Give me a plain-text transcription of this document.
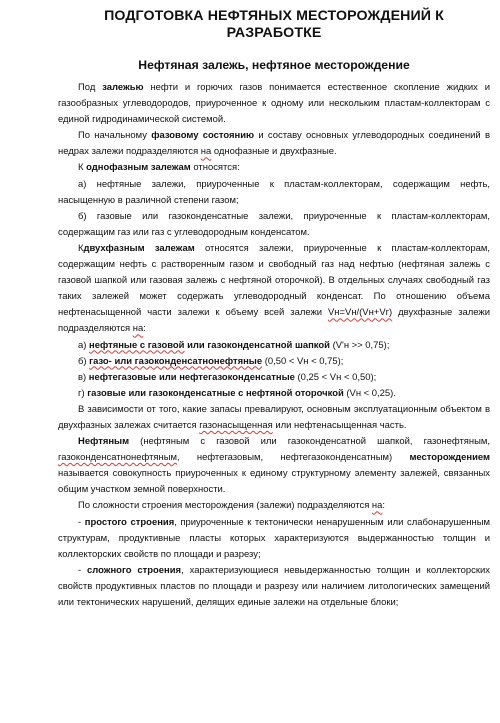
ПОДГОТОВКА НЕФТЯНЫХ МЕСТОРОЖДЕНИЙ К РАЗРАБОТКЕ
Нефтяная залежь, нефтяное месторождение

Под залежью нефти и горючих газов понимается естественное скопление жидких и газообразных углеводородов, приуроченное к одному или нескольким пластам-коллекторам с единой гидродинамической системой.

По начальному фазовому состоянию и составу основных углеводородных соединений в недрах залежи подразделяются на однофазные и двухфазные.

К однофазным залежам относятся:

а) нефтяные залежи, приуроченные к пластам-коллекторам, содержащим нефть, насыщенную в различной степени газом;

б) газовые или газоконденсатные залежи, приуроченные к пластам-коллекторам, содержащим газ или газ с углеводородным конденсатом.

Кдвухфазным залежам относятся залежи, приуроченные к пластам-коллекторам, содержащим нефть с растворенным газом и свободный газ над нефтью (нефтяная залежь с газовой шапкой или газовая залежь с нефтяной оторочкой). В отдельных случаях свободный газ таких залежей может содержать углеводородный конденсат. По отношению объема нефтенасыщенной части залежи к объему всей залежи Vн=Vн/(Vн+Vг) двухфазные залежи подразделяются на:

а) нефтяные с газовой или газоконденсатной шапкой (V'н >> 0,75);

б) газо- или газоконденсатнонефтяные (0,50 < Vн < 0,75);

в) нефтегазовые или нефтегазоконденсатные (0,25 < Vн < 0,50);

г) газовые или газоконденсатные с нефтяной оторочкой (Vн < 0,25).

В зависимости от того, какие запасы превалируют, основным эксплуатационным объектом в двухфазных залежах считается газонасыщенная или нефтенасыщенная часть.

Нефтяным (нефтяным с газовой или газоконденсатной шапкой, газонефтяным, газоконденсатнонефтяным, нефтегазовым, нефтегазоконденсатным) месторождением называется совокупность приуроченных к единому структурному элементу залежей, связанных общим участком земной поверхности.

По сложности строения месторождения (залежи) подразделяются на:

- простого строения, приуроченные к тектонически ненарушенным или слабонарушенным структурам, продуктивные пласты которых характеризуются выдержанностью толщин и коллекторских свойств по площади и разрезу;

- сложного строения, характеризующиеся невыдержанностью толщин и коллекторских свойств продуктивных пластов по площади и разрезу или наличием литологических замещений или тектонических нарушений, делящих единые залежи на отдельные блоки;
